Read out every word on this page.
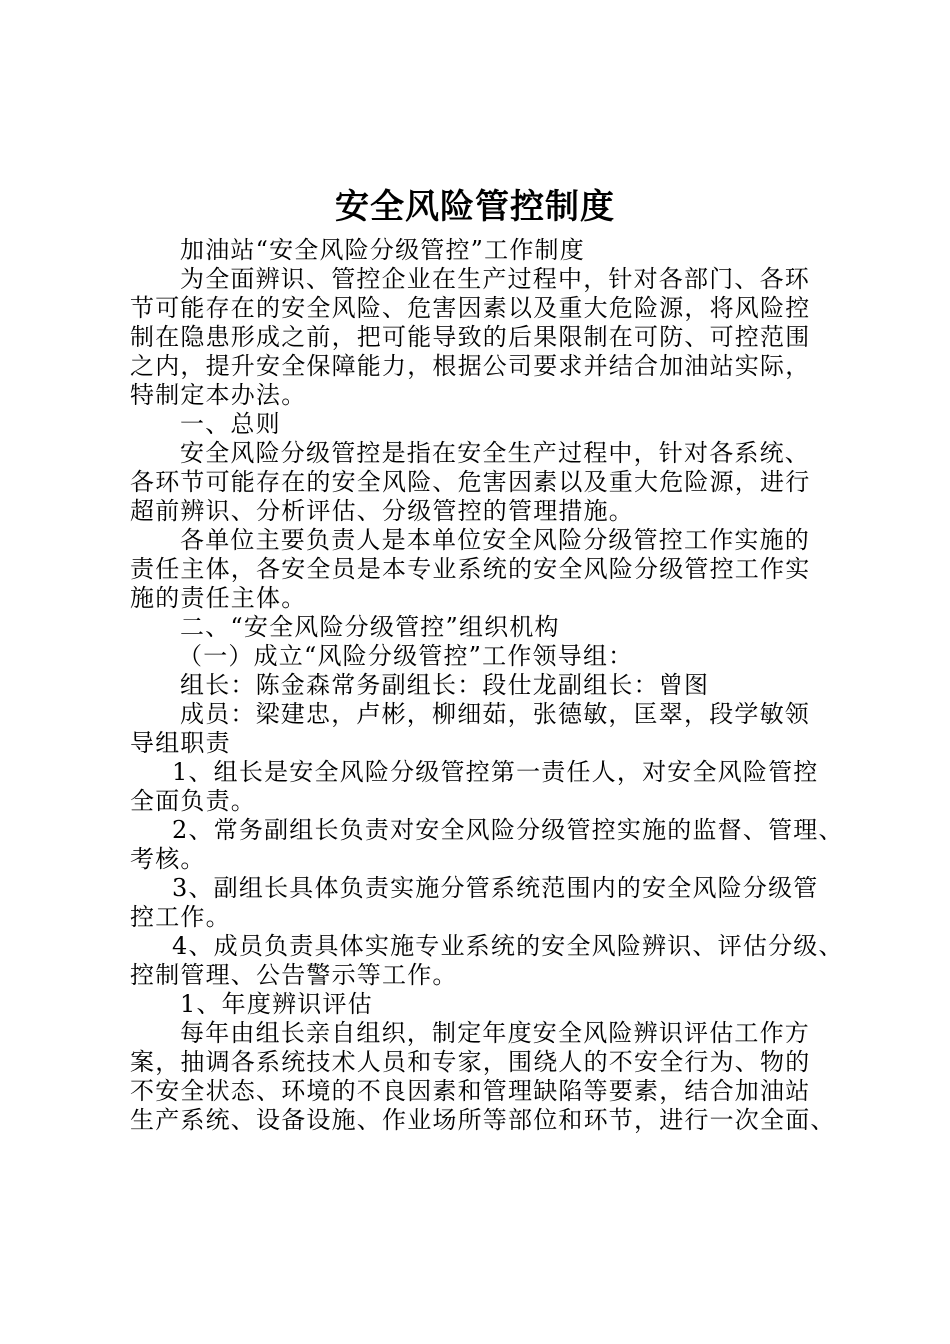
安全风险管控制度
加油站“安全风险分级管控”工作制度
为全面辨识、管控企业在生产过程中，针对各部门、各环
节可能存在的安全风险、危害因素以及重大危险源，将风险控
制在隐患形成之前，把可能导致的后果限制在可防、可控范围
之内，提升安全保障能力，根据公司要求并结合加油站实际，
特制定本办法。
一、总则
安全风险分级管控是指在安全生产过程中，针对各系统、
各环节可能存在的安全风险、危害因素以及重大危险源，进行
超前辨识、分析评估、分级管控的管理措施。
各单位主要负责人是本单位安全风险分级管控工作实施的
责任主体，各安全员是本专业系统的安全风险分级管控工作实
施的责任主体。
二、“安全风险分级管控”组织机构
（一）成立“风险分级管控”工作领导组：
组长：陈金森常务副组长：段仕龙副组长：曾图
成员：梁建忠，卢彬，柳细茹，张德敏，匡翠，段学敏领
导组职责
1、组长是安全风险分级管控第一责任人，对安全风险管控
全面负责。
2、常务副组长负责对安全风险分级管控实施的监督、管理、
考核。
3、副组长具体负责实施分管系统范围内的安全风险分级管
控工作。
4、成员负责具体实施专业系统的安全风险辨识、评估分级、
控制管理、公告警示等工作。
1、年度辨识评估
每年由组长亲自组织，制定年度安全风险辨识评估工作方
案，抽调各系统技术人员和专家，围绕人的不安全行为、物的
不安全状态、环境的不良因素和管理缺陷等要素，结合加油站
生产系统、设备设施、作业场所等部位和环节，进行一次全面、
